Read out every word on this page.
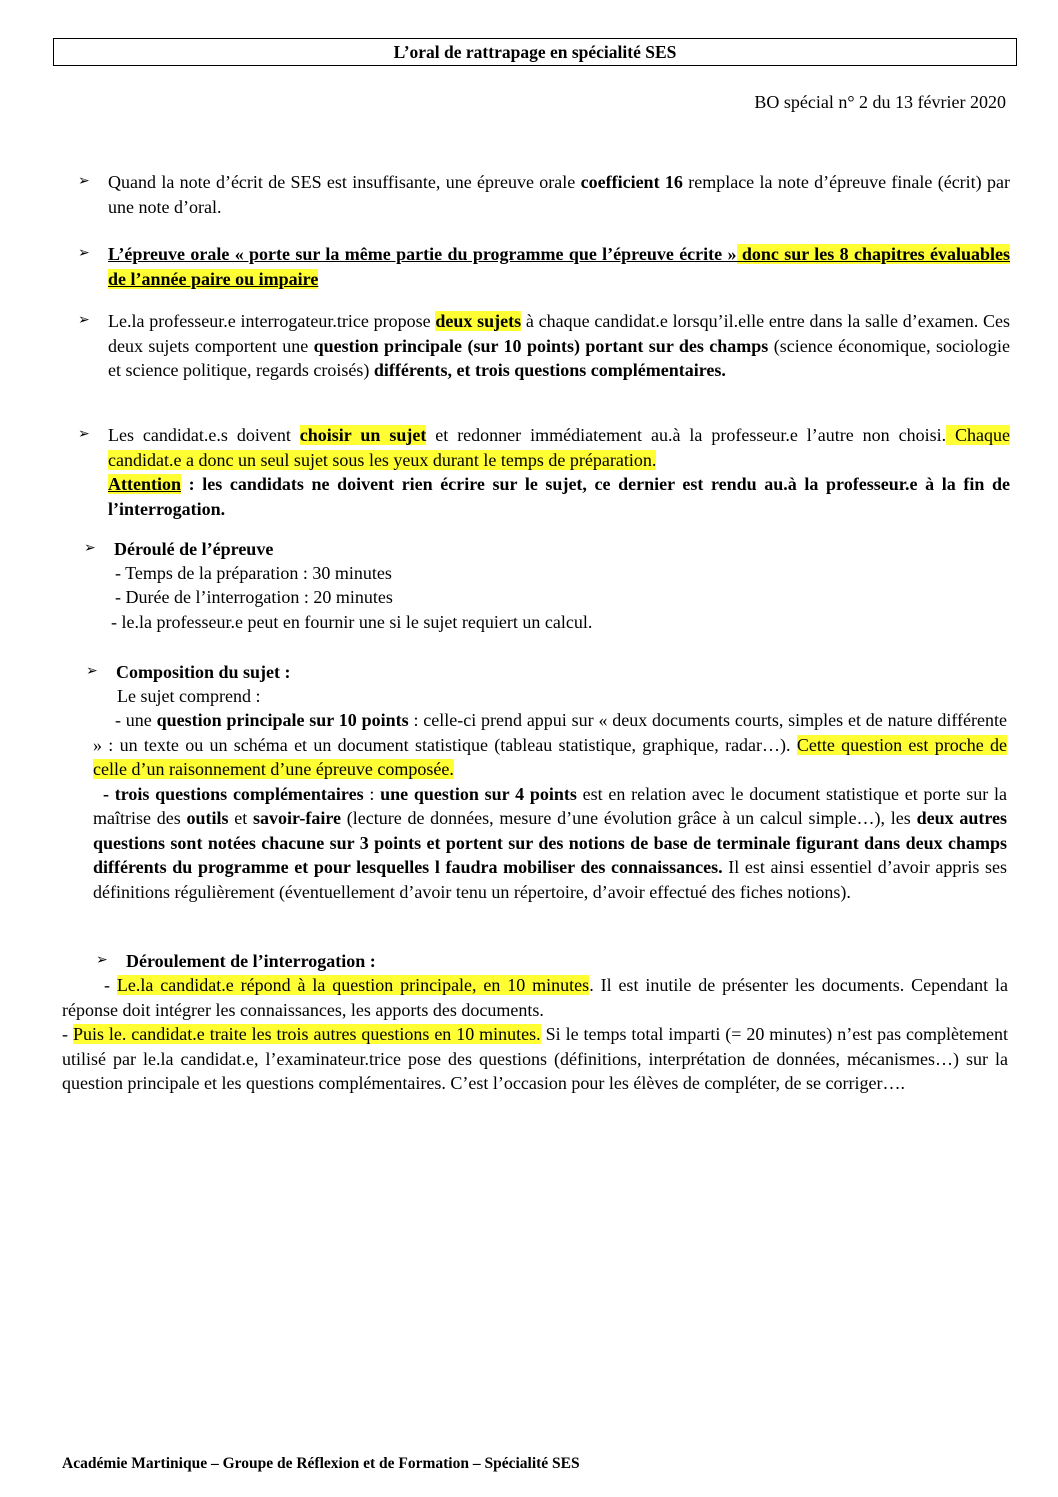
L’oral de rattrapage en spécialité SES
BO spécial n° 2 du 13 février 2020
➢	Quand la note d’écrit de SES est insuffisante, une épreuve orale coefficient 16 remplace la note d’épreuve finale (écrit) par une note d’oral.
➢	L’épreuve orale « porte sur la même partie du programme que l’épreuve écrite » donc sur les 8 chapitres évaluables de l’année paire ou impaire
➢	Le.la professeur.e interrogateur.trice propose deux sujets à chaque candidat.e lorsqu’il.elle entre dans la salle d’examen. Ces deux sujets comportent une question principale (sur 10 points) portant sur des champs (science économique, sociologie et science politique, regards croisés) différents, et trois questions complémentaires.
➢	Les candidat.e.s doivent choisir un sujet et redonner immédiatement au.à la professeur.e l’autre non choisi. Chaque candidat.e a donc un seul sujet sous les yeux durant le temps de préparation.
Attention : les candidats ne doivent rien écrire sur le sujet, ce dernier est rendu au.à la professeur.e à la fin de l’interrogation.
➢	Déroulé de l’épreuve
- Temps de la préparation : 30 minutes
- Durée de l’interrogation : 20 minutes
- le.la professeur.e peut en fournir une si le sujet requiert un calcul.
➢	Composition du sujet :
Le sujet comprend :
- une question principale sur 10 points : celle-ci prend appui sur « deux documents courts, simples et de nature différente » : un texte ou un schéma et un document statistique (tableau statistique, graphique, radar…). Cette question est proche de celle d’un raisonnement d’une épreuve composée.
- trois questions complémentaires : une question sur 4 points est en relation avec le document statistique et porte sur la maîtrise des outils et savoir-faire (lecture de données, mesure d’une évolution grâce à un calcul simple…), les deux autres questions sont notées chacune sur 3 points et portent sur des notions de base de terminale figurant dans deux champs différents du programme et pour lesquelles l faudra mobiliser des connaissances. Il est ainsi essentiel d’avoir appris ses définitions régulièrement (éventuellement d’avoir tenu un répertoire, d’avoir effectué des fiches notions).
➢	Déroulement de l’interrogation :
- Le.la candidat.e répond à la question principale, en 10 minutes. Il est inutile de présenter les documents. Cependant la réponse doit intégrer les connaissances, les apports des documents.
- Puis le. candidat.e traite les trois autres questions en 10 minutes. Si le temps total imparti (= 20 minutes) n’est pas complètement utilisé par le.la candidat.e, l’examinateur.trice pose des questions (définitions, interprétation de données, mécanismes…) sur la question principale et les questions complémentaires. C’est l’occasion pour les élèves de compléter, de se corriger….
Académie Martinique – Groupe de Réflexion et de Formation – Spécialité SES
